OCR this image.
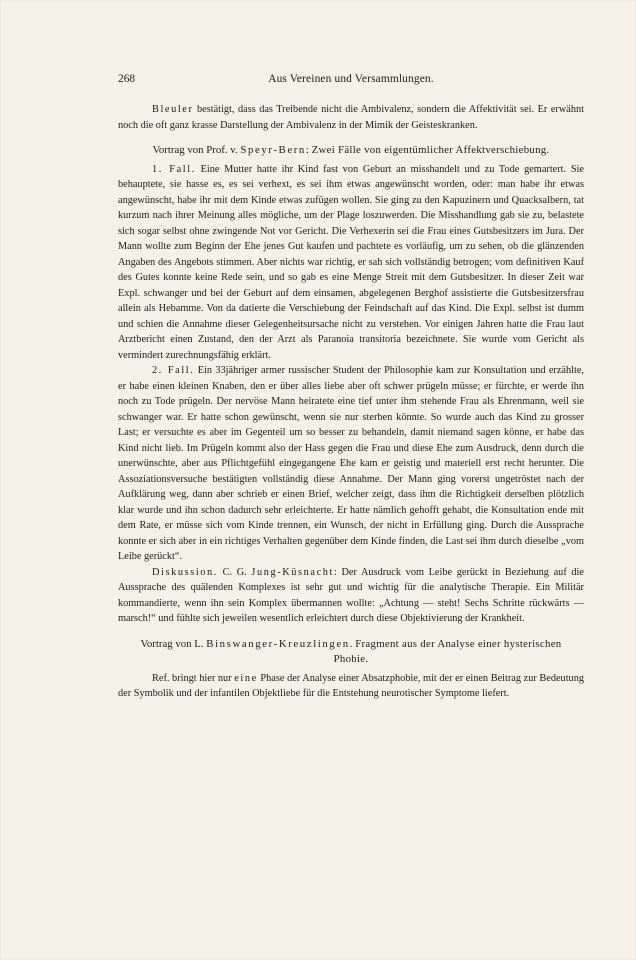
268	Aus Vereinen und Versammlungen.

Bleuler bestätigt, dass das Treibende nicht die Ambivalenz, sondern die Affektivität sei. Er erwähnt noch die oft ganz krasse Darstellung der Ambivalenz in der Mimik der Geisteskranken.

Vortrag von Prof. v. Speyr-Bern: Zwei Fälle von eigentümlicher Affektverschiebung.

1. Fall. Eine Mutter hatte ihr Kind fast von Geburt an misshandelt und zu Tode gemartert. Sie behauptete, sie hasse es, es sei verhext, es sei ihm etwas angewünscht worden, oder: man habe ihr etwas angewünscht, habe ihr mit dem Kinde etwas zufügen wollen. Sie ging zu den Kapuzinern und Quacksalbern, tat kurzum nach ihrer Meinung alles mögliche, um der Plage loszuwerden. Die Misshandlung gab sie zu, belastete sich sogar selbst ohne zwingende Not vor Gericht. Die Verhexerin sei die Frau eines Gutsbesitzers im Jura. Der Mann wollte zum Beginn der Ehe jenes Gut kaufen und pachtete es vorläufig, um zu sehen, ob die glänzenden Angaben des Angebots stimmen. Aber nichts war richtig, er sah sich vollständig betrogen; vom definitiven Kauf des Gutes konnte keine Rede sein, und so gab es eine Menge Streit mit dem Gutsbesitzer. In dieser Zeit war Expl. schwanger und bei der Geburt auf dem einsamen, abgelegenen Berghof assistierte die Gutsbesitzersfrau allein als Hebamme. Von da datierte die Verschiebung der Feindschaft auf das Kind. Die Expl. selbst ist dumm und schien die Annahme dieser Gelegenheitsursache nicht zu verstehen. Vor einigen Jahren hatte die Frau laut Arztbericht einen Zustand, den der Arzt als Paranoia transitoria bezeichnete. Sie wurde vom Gericht als vermindert zurechnungsfähig erklärt.

2. Fall. Ein 33jähriger armer russischer Student der Philosophie kam zur Konsultation und erzählte, er habe einen kleinen Knaben, den er über alles liebe aber oft schwer prügeln müsse; er fürchte, er werde ihn noch zu Tode prügeln. Der nervöse Mann heiratete eine tief unter ihm stehende Frau als Ehrenmann, weil sie schwanger war. Er hatte schon gewünscht, wenn sie nur sterben könnte. So wurde auch das Kind zu grosser Last; er versuchte es aber im Gegenteil um so besser zu behandeln, damit niemand sagen könne, er habe das Kind nicht lieb. Im Prügeln kommt also der Hass gegen die Frau und diese Ehe zum Ausdruck, denn durch die unerwünschte, aber aus Pflichtgefühl eingegangene Ehe kam er geistig und materiell erst recht herunter. Die Assoziationsversuche bestätigten vollständig diese Annahme. Der Mann ging vorerst ungetröstet nach der Aufklärung weg, dann aber schrieb er einen Brief, welcher zeigt, dass ihm die Richtigkeit derselben plötzlich klar wurde und ihn schon dadurch sehr erleichterte. Er hatte nämlich gehofft gehabt, die Konsultation ende mit dem Rate, er müsse sich vom Kinde trennen, ein Wunsch, der nicht in Erfüllung ging. Durch die Aussprache konnte er sich aber in ein richtiges Verhalten gegenüber dem Kinde finden, die Last sei ihm durch dieselbe „vom Leibe gerückt“.

Diskussion. C. G. Jung-Küsnacht: Der Ausdruck vom Leibe gerückt in Beziehung auf die Aussprache des quälenden Komplexes ist sehr gut und wichtig für die analytische Therapie. Ein Militär kommandierte, wenn ihn sein Komplex übermannen wollte: „Achtung — steht! Sechs Schritte rückwärts — marsch!“ und fühlte sich jeweilen wesentlich erleichtert durch diese Objektivierung der Krankheit.

Vortrag von L. Binswanger-Kreuzlingen. Fragment aus der Analyse einer hysterischen Phobie.

Ref. bringt hier nur eine Phase der Analyse einer Absatzphobie, mit der er einen Beitrag zur Bedeutung der Symbolik und der infantilen Objektliebe für die Entstehung neurotischer Symptome liefert.
